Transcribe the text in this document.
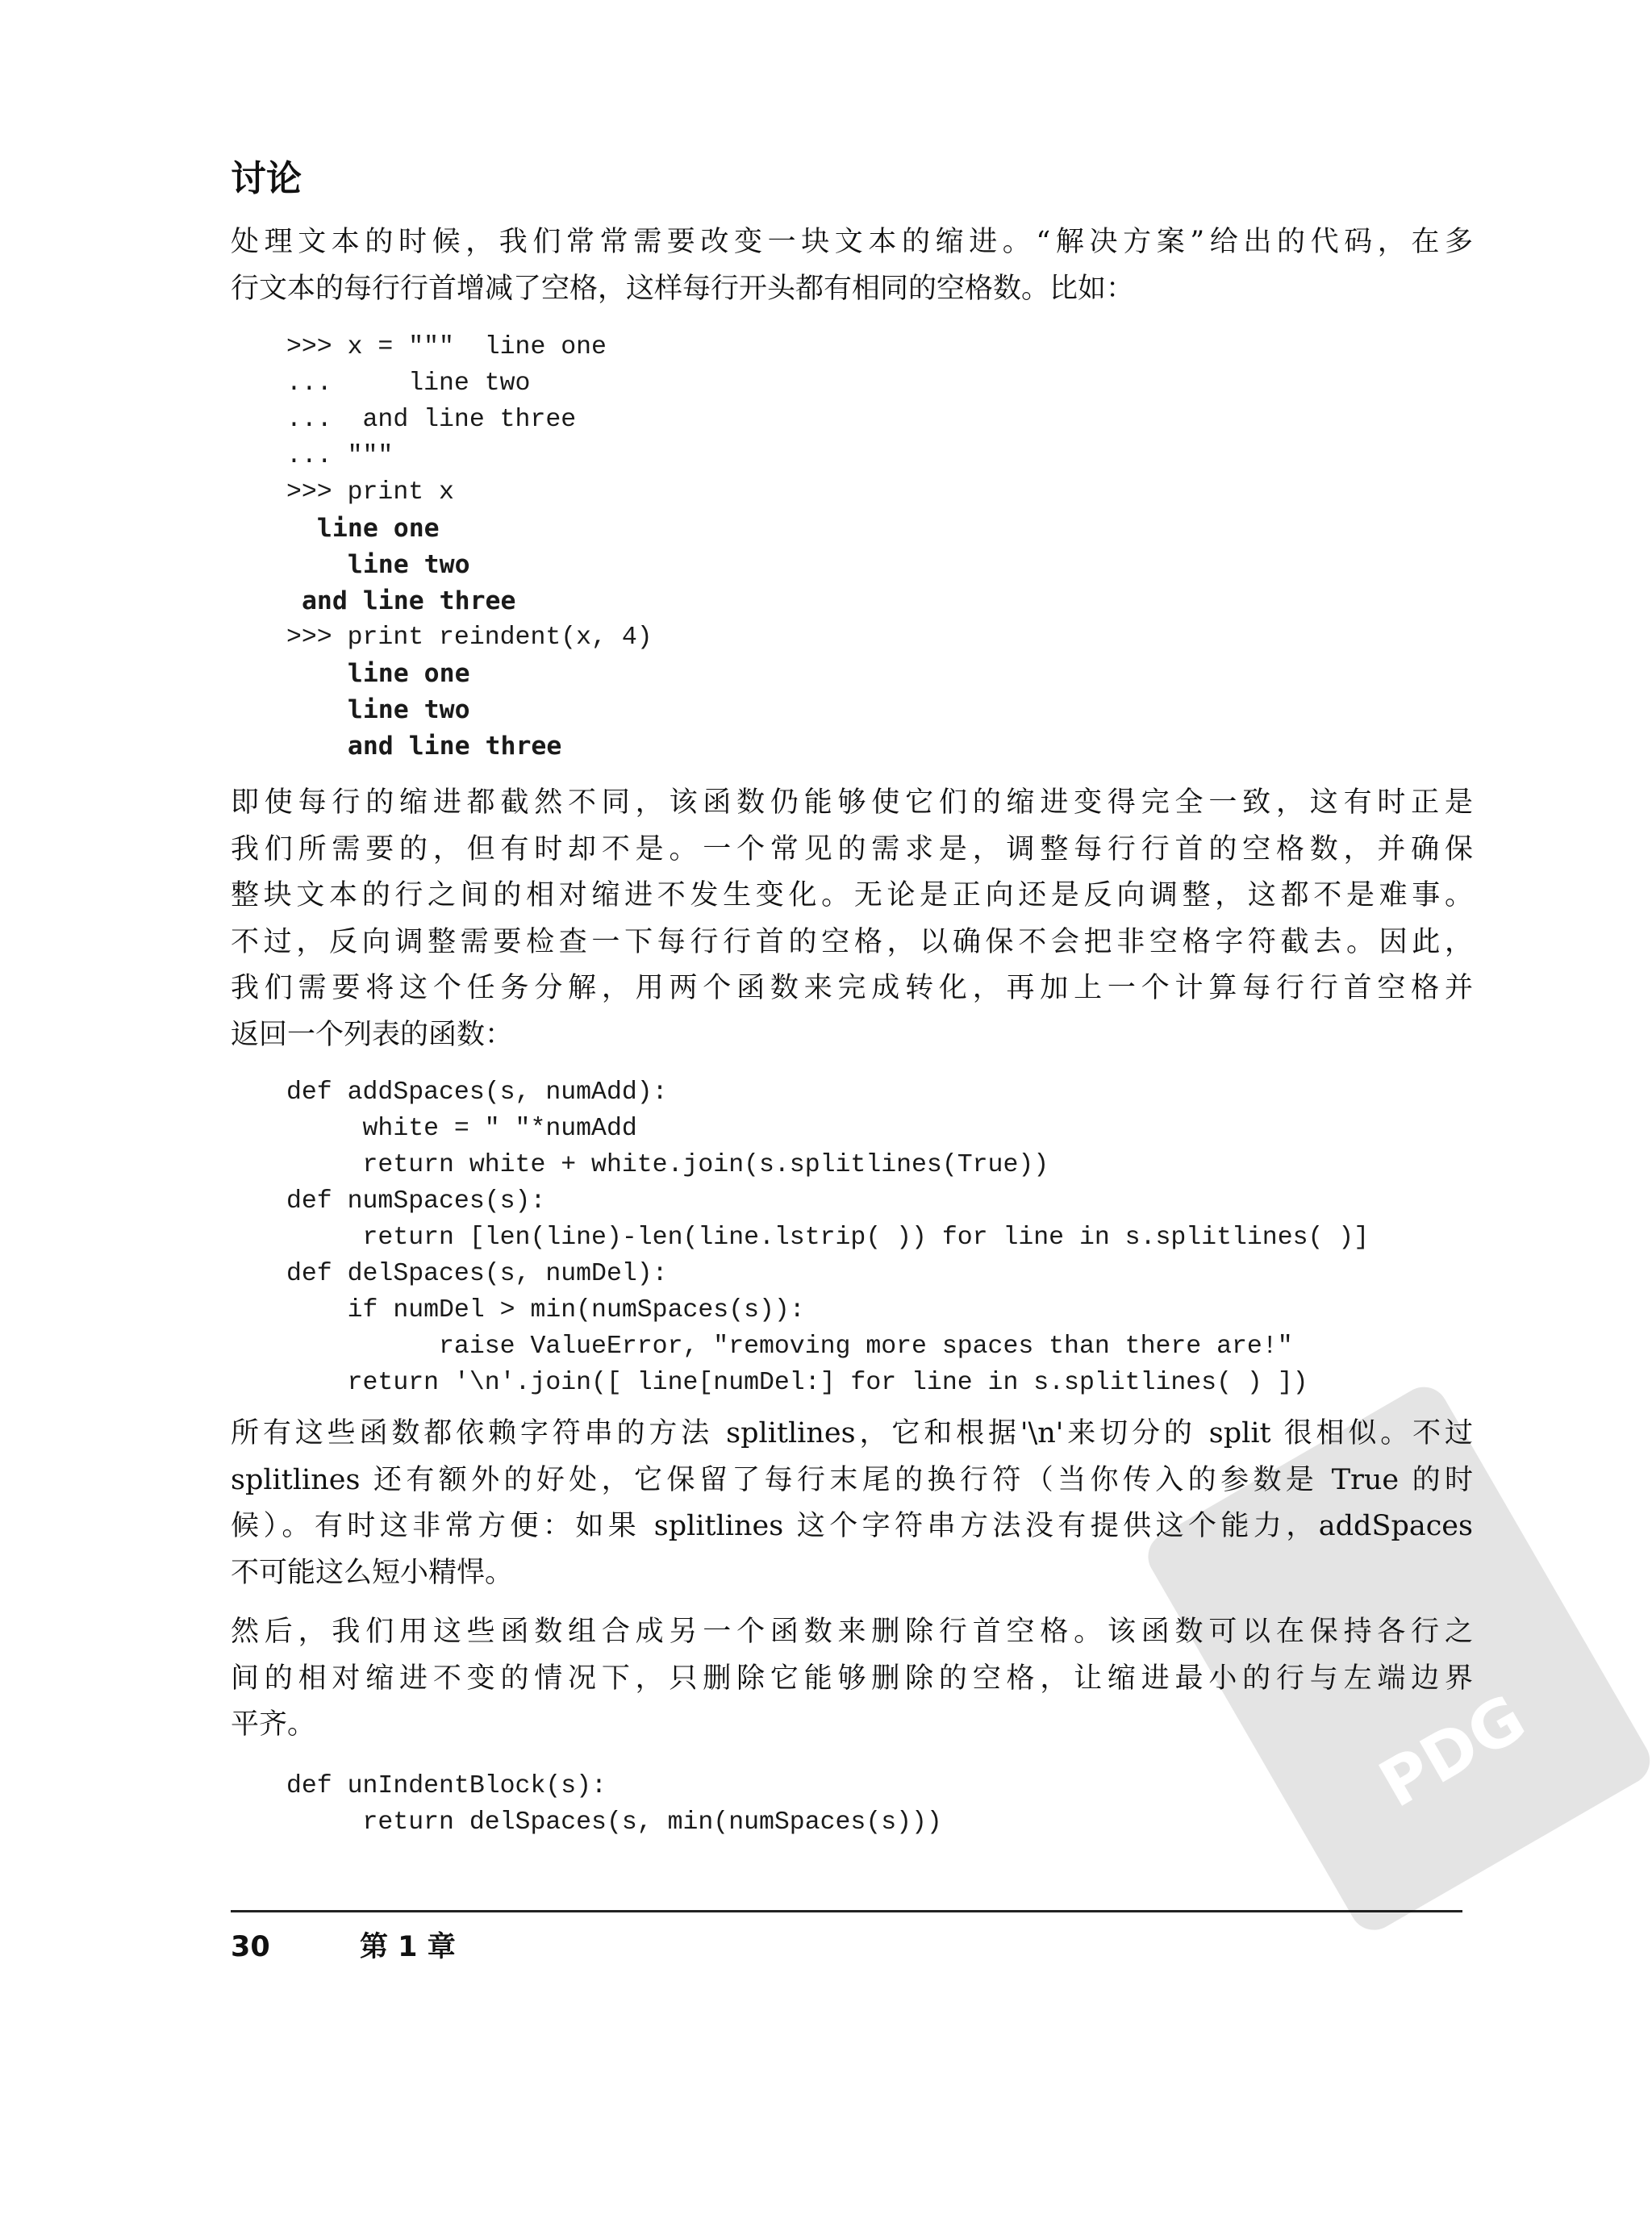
讨论
处理文本的时候，我们常常需要改变一块文本的缩进。“解决方案”给出的代码，在多
行文本的每行行首增减了空格，这样每行开头都有相同的空格数。比如：
>>> x = """  line one
...     line two
...  and line three
... """
>>> print x
line one
line two
and line three
>>> print reindent(x, 4)
line one
line two
and line three
即使每行的缩进都截然不同，该函数仍能够使它们的缩进变得完全一致，这有时正是
我们所需要的，但有时却不是。一个常见的需求是，调整每行行首的空格数，并确保
整块文本的行之间的相对缩进不发生变化。无论是正向还是反向调整，这都不是难事。
不过，反向调整需要检查一下每行行首的空格，以确保不会把非空格字符截去。因此，
我们需要将这个任务分解，用两个函数来完成转化，再加上一个计算每行行首空格并
返回一个列表的函数：
def addSpaces(s, numAdd):
white = " "*numAdd
return white + white.join(s.splitlines(True))
def numSpaces(s):
return [len(line)-len(line.lstrip( )) for line in s.splitlines( )]
def delSpaces(s, numDel):
if numDel > min(numSpaces(s)):
raise ValueError, "removing more spaces than there are!"
return '\n'.join([ line[numDel:] for line in s.splitlines( ) ])
所有这些函数都依赖字符串的方法 splitlines，它和根据'\n'来切分的 split 很相似。不过
splitlines 还有额外的好处，它保留了每行末尾的换行符（当你传入的参数是 True 的时
候）。有时这非常方便：如果 splitlines 这个字符串方法没有提供这个能力，addSpaces
不可能这么短小精悍。
然后，我们用这些函数组合成另一个函数来删除行首空格。该函数可以在保持各行之
间的相对缩进不变的情况下，只删除它能够删除的空格，让缩进最小的行与左端边界
平齐。
def unIndentBlock(s):
return delSpaces(s, min(numSpaces(s)))
30	第 1 章
PDG
